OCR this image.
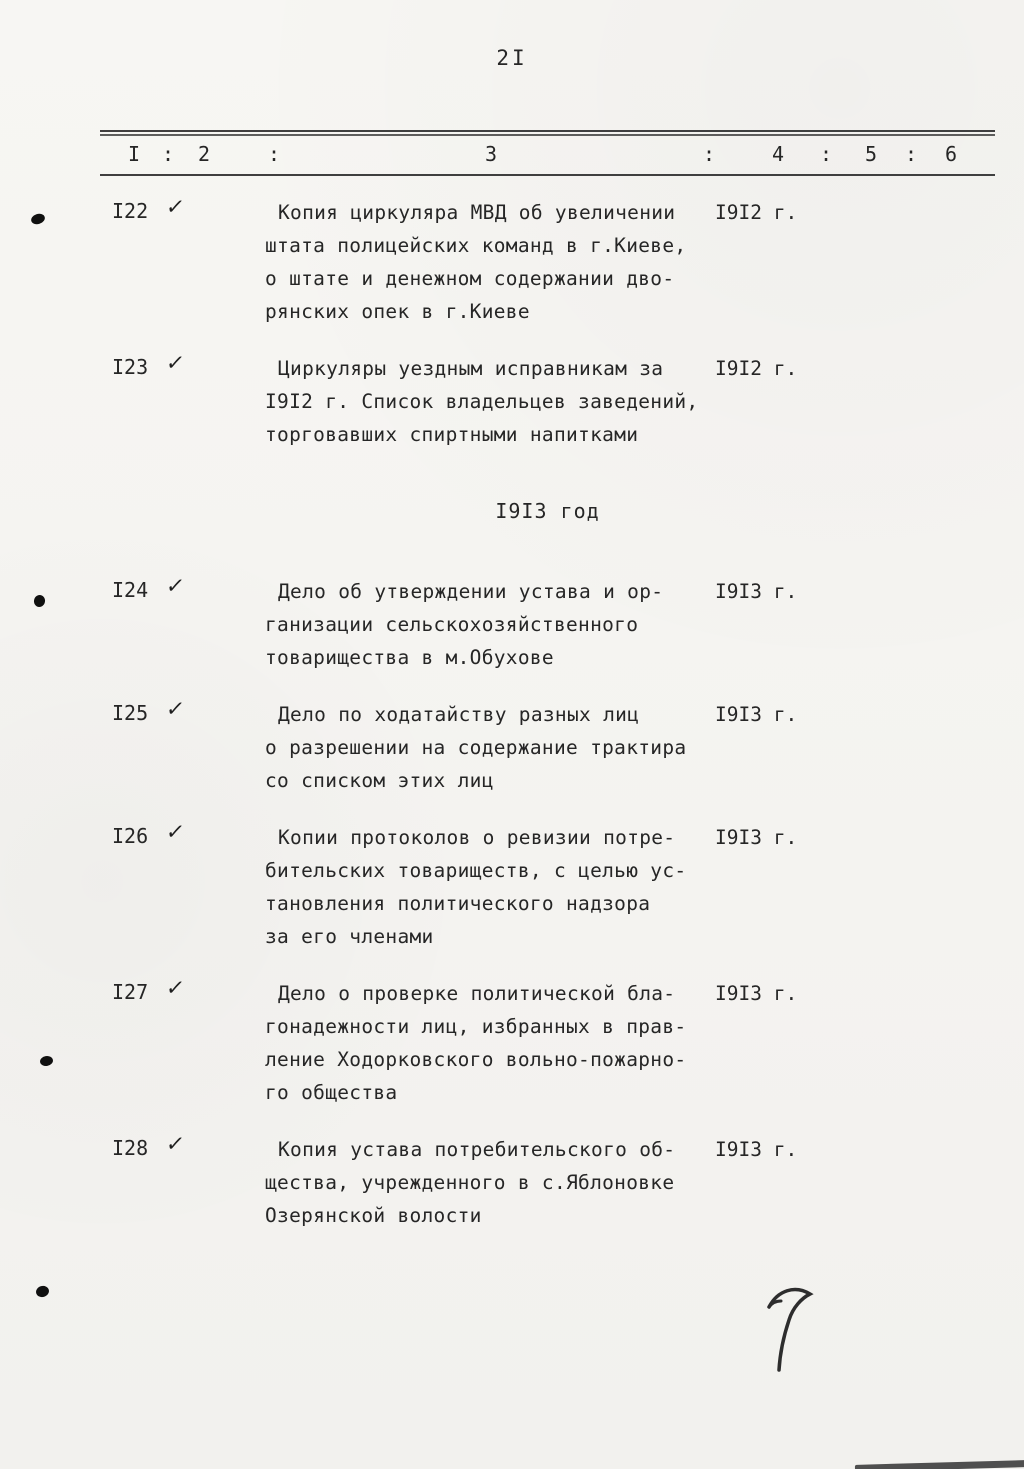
2I
I : 2	:	3	:	4 : 5 : 6
I22 ✓	Копия циркуляра МВД об увеличении
штата полицейских команд в г.Киеве,
о штате и денежном содержании дво-
рянских опек в г.Киеве
I9I2 г.
I23 ✓	Циркуляры уездным исправникам за
I9I2 г. Список владельцев заведений,
торговавших спиртными напитками
I9I2 г.
I9I3 год
I24 ✓	Дело об утверждении устава и ор-
ганизации сельскохозяйственного
товарищества в м.Обухове
I9I3 г.
I25 ✓	Дело по ходатайству разных лиц
о разрешении на содержание трактира
со списком этих лиц
I9I3 г.
I26 ✓	Копии протоколов о ревизии потре-
бительских товариществ, с целью ус-
тановления политического надзора
за его членами
I9I3 г.
I27 ✓	Дело о проверке политической бла-
гонадежности лиц, избранных в прав-
ление Ходорковского вольно-пожарно-
го общества
I9I3 г.
I28 ✓	Копия устава потребительского об-
щества, учрежденного в с.Яблоновке
Озерянской волости
I9I3 г.
